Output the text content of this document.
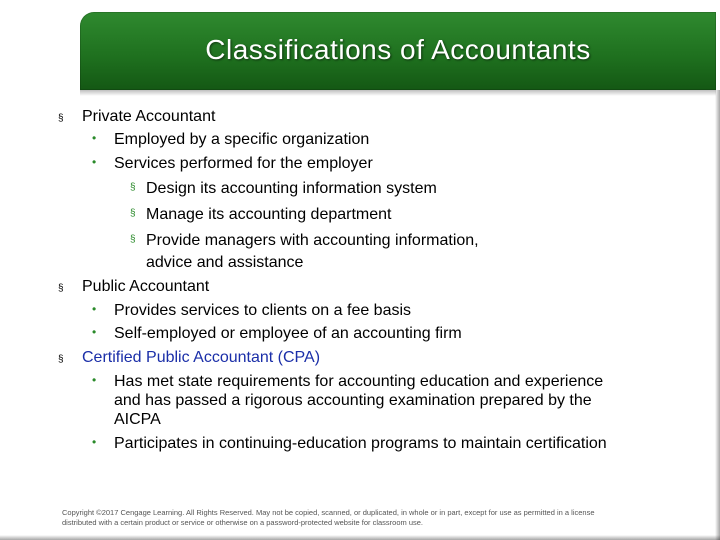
Classifications of Accountants
§ Private Accountant
• Employed by a specific organization
• Services performed for the employer
§ Design its accounting information system
§ Manage its accounting department
§ Provide managers with accounting information,
advice and assistance
§ Public Accountant
• Provides services to clients on a fee basis
• Self-employed or employee of an accounting firm
§ Certified Public Accountant (CPA)
• Has met state requirements for accounting education and experience
and has passed a rigorous accounting examination prepared by the
AICPA
• Participates in continuing-education programs to maintain certification
Copyright ©2017 Cengage Learning. All Rights Reserved. May not be copied, scanned, or duplicated, in whole or in part, except for use as permitted in a license
distributed with a certain product or service or otherwise on a password-protected website for classroom use.
